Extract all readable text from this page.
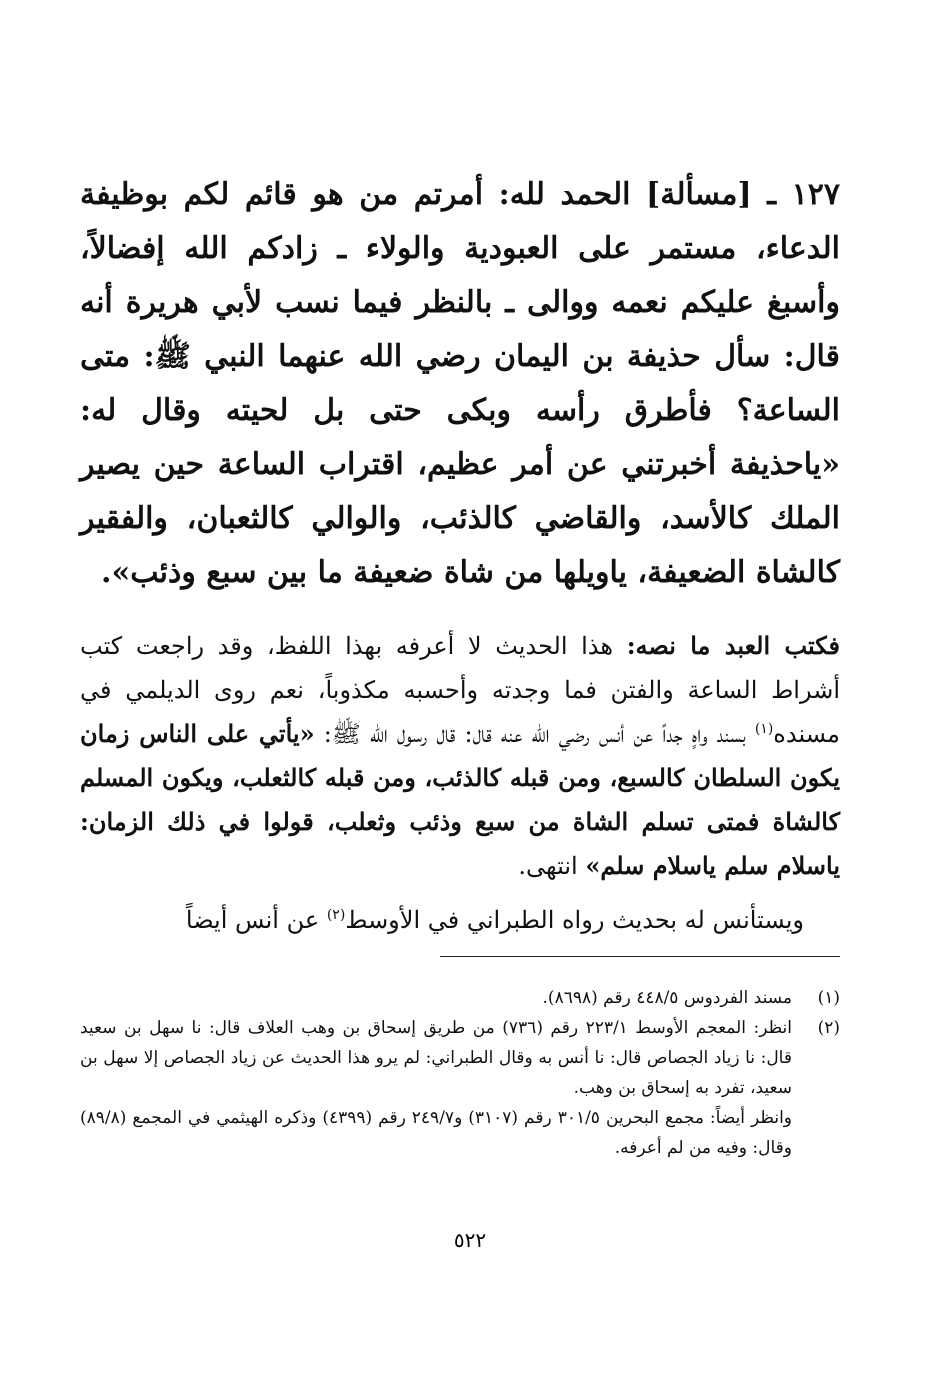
١٢٧ ـ [مسألة] الحمد لله: أمرتم من هو قائم لكم بوظيفة الدعاء، مستمر على العبودية والولاء ـ زادكم الله إفضالاً، وأسبغ عليكم نعمه ووالى ـ بالنظر فيما نسب لأبي هريرة أنه قال: سأل حذيفة بن اليمان رضي الله عنهما النبي ﷺ: متى الساعة؟ فأطرق رأسه وبكى حتى بل لحيته وقال له: «ياحذيفة أخبرتني عن أمر عظيم، اقتراب الساعة حين يصير الملك كالأسد، والقاضي كالذئب، والوالي كالثعبان، والفقير كالشاة الضعيفة، ياويلها من شاة ضعيفة ما بين سبع وذئب».

فكتب العبد ما نصه: هذا الحديث لا أعرفه بهذا اللفظ، وقد راجعت كتب أشراط الساعة والفتن فما وجدته وأحسبه مكذوباً، نعم روى الديلمي في مسنده$^{(١)}$ بسند واهٍ جداً عن أنس رضي الله عنه قال: قال رسول الله ﷺ: «يأتي على الناس زمان يكون السلطان كالسبع، ومن قبله كالذئب، ومن قبله كالثعلب، ويكون المسلم كالشاة فمتى تسلم الشاة من سبع وذئب وثعلب، قولوا في ذلك الزمان: ياسلام سلم ياسلام سلم» انتهى.

ويستأنس له بحديث رواه الطبراني في الأوسط$^{(٢)}$ عن أنس أيضاً

(١)
مسند الفردوس ٤٤٨/٥ رقم (٨٦٩٨).
(٢)
انظر: المعجم الأوسط ٢٢٣/١ رقم (٧٣٦) من طريق إسحاق بن وهب العلاف قال: نا سهل بن سعيد قال: نا زياد الجصاص قال: نا أنس به وقال الطبراني: لم يرو هذا الحديث عن زياد الجصاص إلا سهل بن سعيد، تفرد به إسحاق بن وهب.
وانظر أيضاً: مجمع البحرين ٣٠١/٥ رقم (٣١٠٧) و٢٤٩/٧ رقم (٤٣٩٩) وذكره الهيثمي في المجمع (٨٩/٨) وقال: وفيه من لم أعرفه.
٥٢٢
